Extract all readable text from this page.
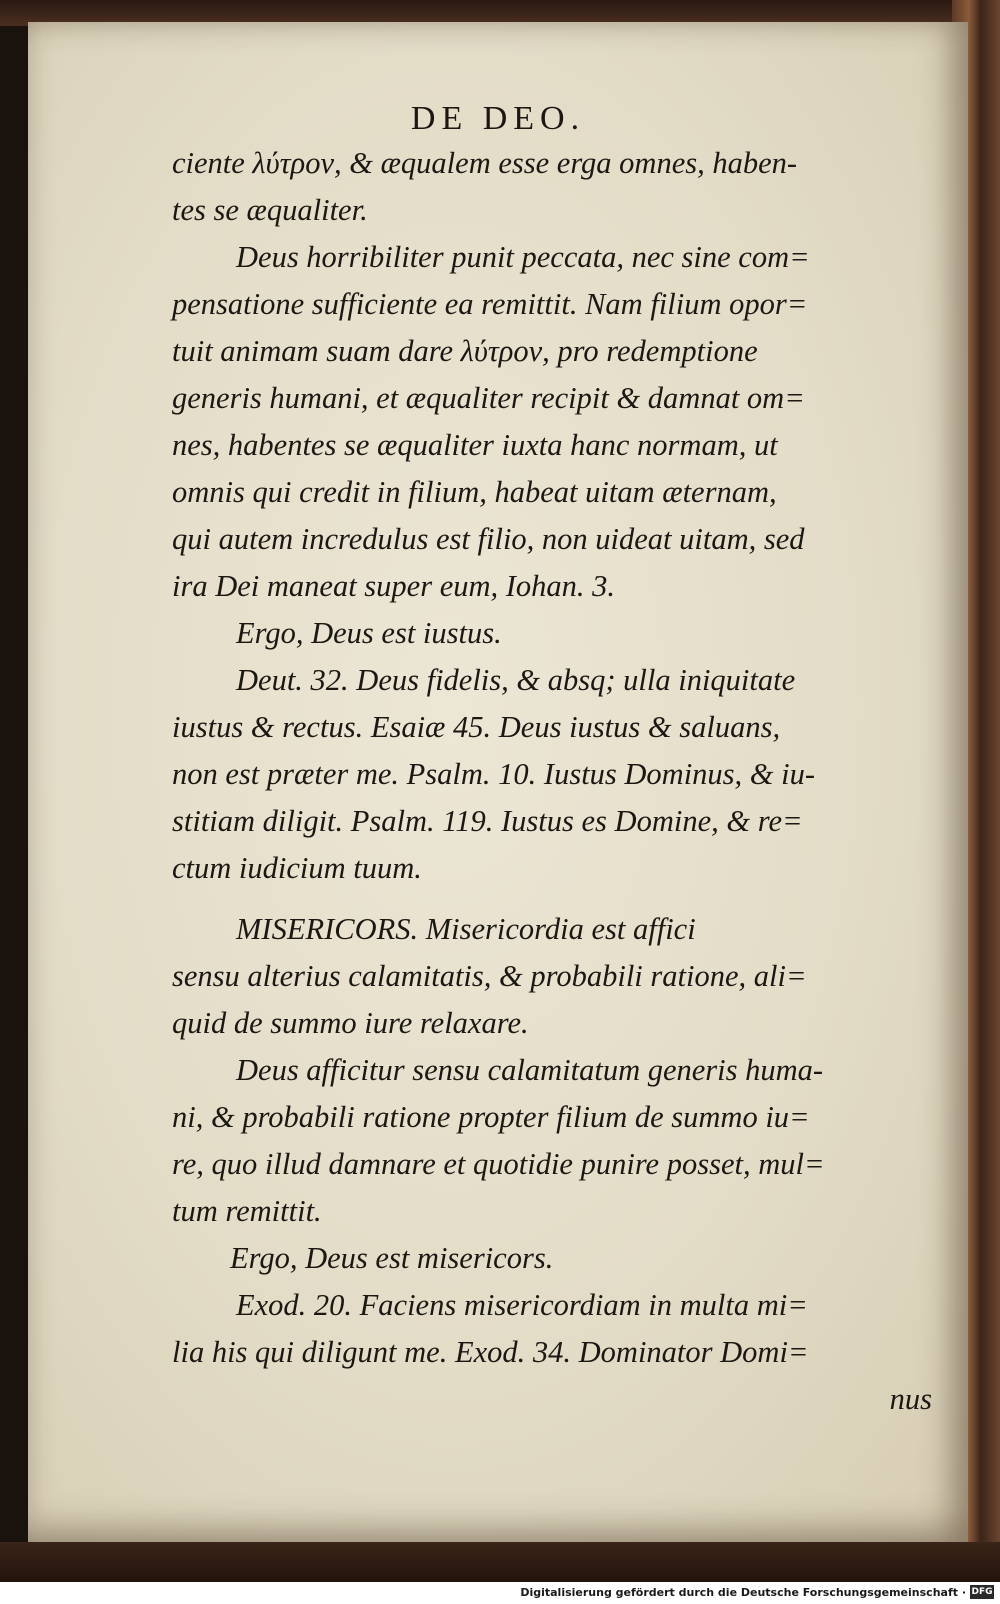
DE DEO.
ciente λύτρον, & æqualem esse erga omnes, haben-
tes se æqualiter.
Deus horribiliter punit peccata, nec sine com=
pensatione sufficiente ea remittit. Nam filium opor=
tuit animam suam dare λύτρον, pro redemptione
generis humani, et æqualiter recipit & damnat om=
nes, habentes se æqualiter iuxta hanc normam, ut
omnis qui credit in filium, habeat uitam æternam,
qui autem incredulus est filio, non uideat uitam, sed
ira Dei maneat super eum, Iohan. 3.
Ergo, Deus est iustus.
Deut. 32. Deus fidelis, & absq; ulla iniquitate
iustus & rectus. Esaiæ 45. Deus iustus & saluans,
non est præter me. Psalm. 10. Iustus Dominus, & iu-
stitiam diligit. Psalm. 119. Iustus es Domine, & re=
ctum iudicium tuum.
MISERICORS. Misericordia est affici
sensu alterius calamitatis, & probabili ratione, ali=
quid de summo iure relaxare.
Deus afficitur sensu calamitatum generis huma-
ni, & probabili ratione propter filium de summo iu=
re, quo illud damnare et quotidie punire posset, mul=
tum remittit.
Ergo, Deus est misericors.
Exod. 20. Faciens misericordiam in multa mi=
lia his qui diligunt me. Exod. 34. Dominator Domi=
nus
Digitalisierung gefördert durch die Deutsche Forschungsgemeinschaft · DFG
